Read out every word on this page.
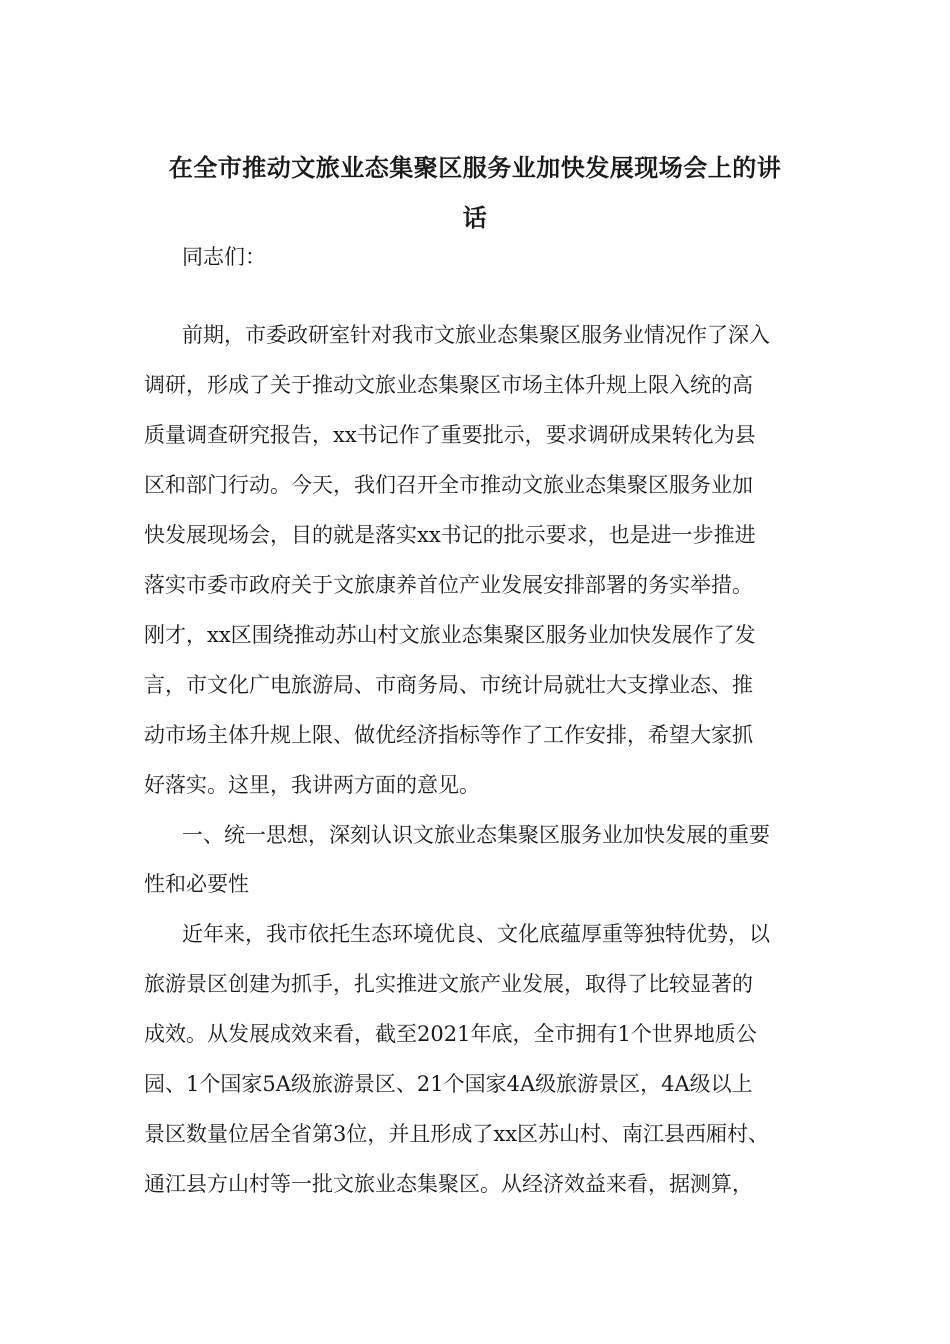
在全市推动文旅业态集聚区服务业加快发展现场会上的讲
话
同志们：
前期，市委政研室针对我市文旅业态集聚区服务业情况作了深入
调研，形成了关于推动文旅业态集聚区市场主体升规上限入统的高
质量调查研究报告，xx书记作了重要批示，要求调研成果转化为县
区和部门行动。今天，我们召开全市推动文旅业态集聚区服务业加
快发展现场会，目的就是落实xx书记的批示要求，也是进一步推进
落实市委市政府关于文旅康养首位产业发展安排部署的务实举措。
刚才，xx区围绕推动苏山村文旅业态集聚区服务业加快发展作了发
言，市文化广电旅游局、市商务局、市统计局就壮大支撑业态、推
动市场主体升规上限、做优经济指标等作了工作安排，希望大家抓
好落实。这里，我讲两方面的意见。
一、统一思想，深刻认识文旅业态集聚区服务业加快发展的重要
性和必要性
近年来，我市依托生态环境优良、文化底蕴厚重等独特优势，以
旅游景区创建为抓手，扎实推进文旅产业发展，取得了比较显著的
成效。从发展成效来看，截至2021年底，全市拥有1个世界地质公
园、1个国家5A级旅游景区、21个国家4A级旅游景区，4A级以上
景区数量位居全省第3位，并且形成了xx区苏山村、南江县西厢村、
通江县方山村等一批文旅业态集聚区。从经济效益来看，据测算，
